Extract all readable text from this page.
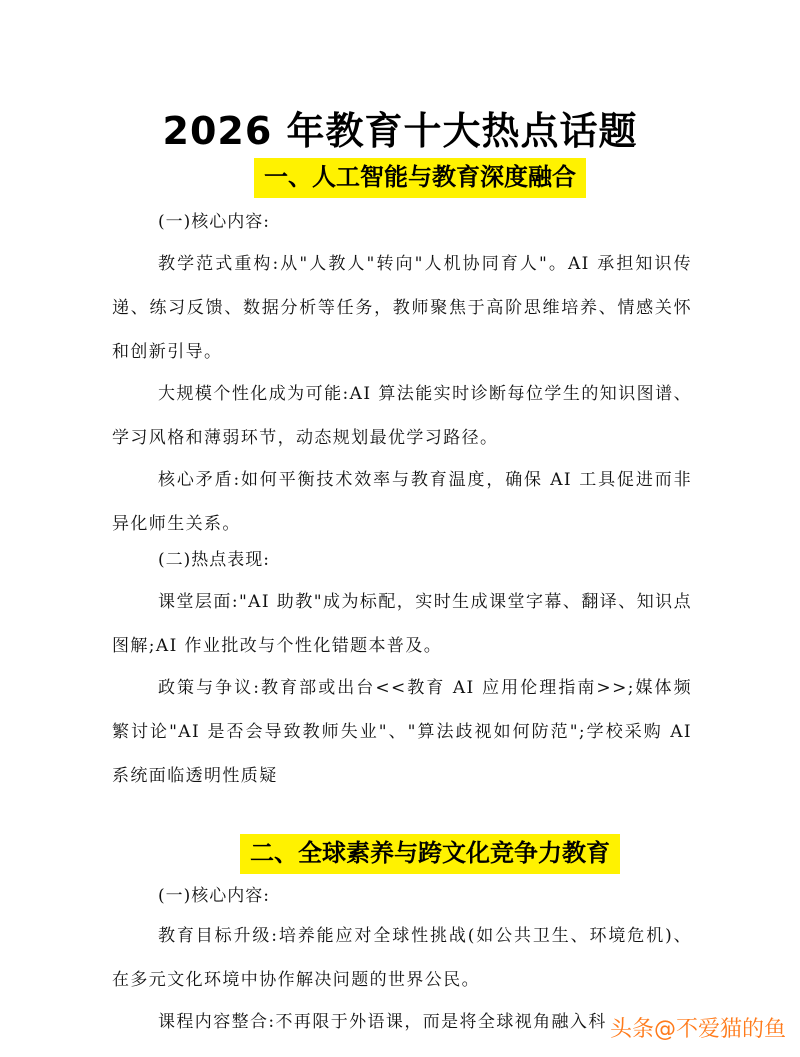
2026 年教育十大热点话题
一、人工智能与教育深度融合
(一)核心内容:

教学范式重构:从"人教人"转向"人机协同育人"。AI 承担知识传递、练习反馈、数据分析等任务，教师聚焦于高阶思维培养、情感关怀和创新引导。

大规模个性化成为可能:AI 算法能实时诊断每位学生的知识图谱、学习风格和薄弱环节，动态规划最优学习路径。

核心矛盾:如何平衡技术效率与教育温度，确保 AI 工具促进而非异化师生关系。

(二)热点表现:

课堂层面:"AI 助教"成为标配，实时生成课堂字幕、翻译、知识点图解;AI 作业批改与个性化错题本普及。

政策与争议:教育部或出台<<教育 AI 应用伦理指南>>;媒体频繁讨论"AI 是否会导致教师失业"、"算法歧视如何防范";学校采购 AI 系统面临透明性质疑

二、全球素养与跨文化竞争力教育
(一)核心内容:

教育目标升级:培养能应对全球性挑战(如公共卫生、环境危机)、在多元文化环境中协作解决问题的世界公民。

课程内容整合:不再限于外语课，而是将全球视角融入科 头条@不爱猫的鱼
